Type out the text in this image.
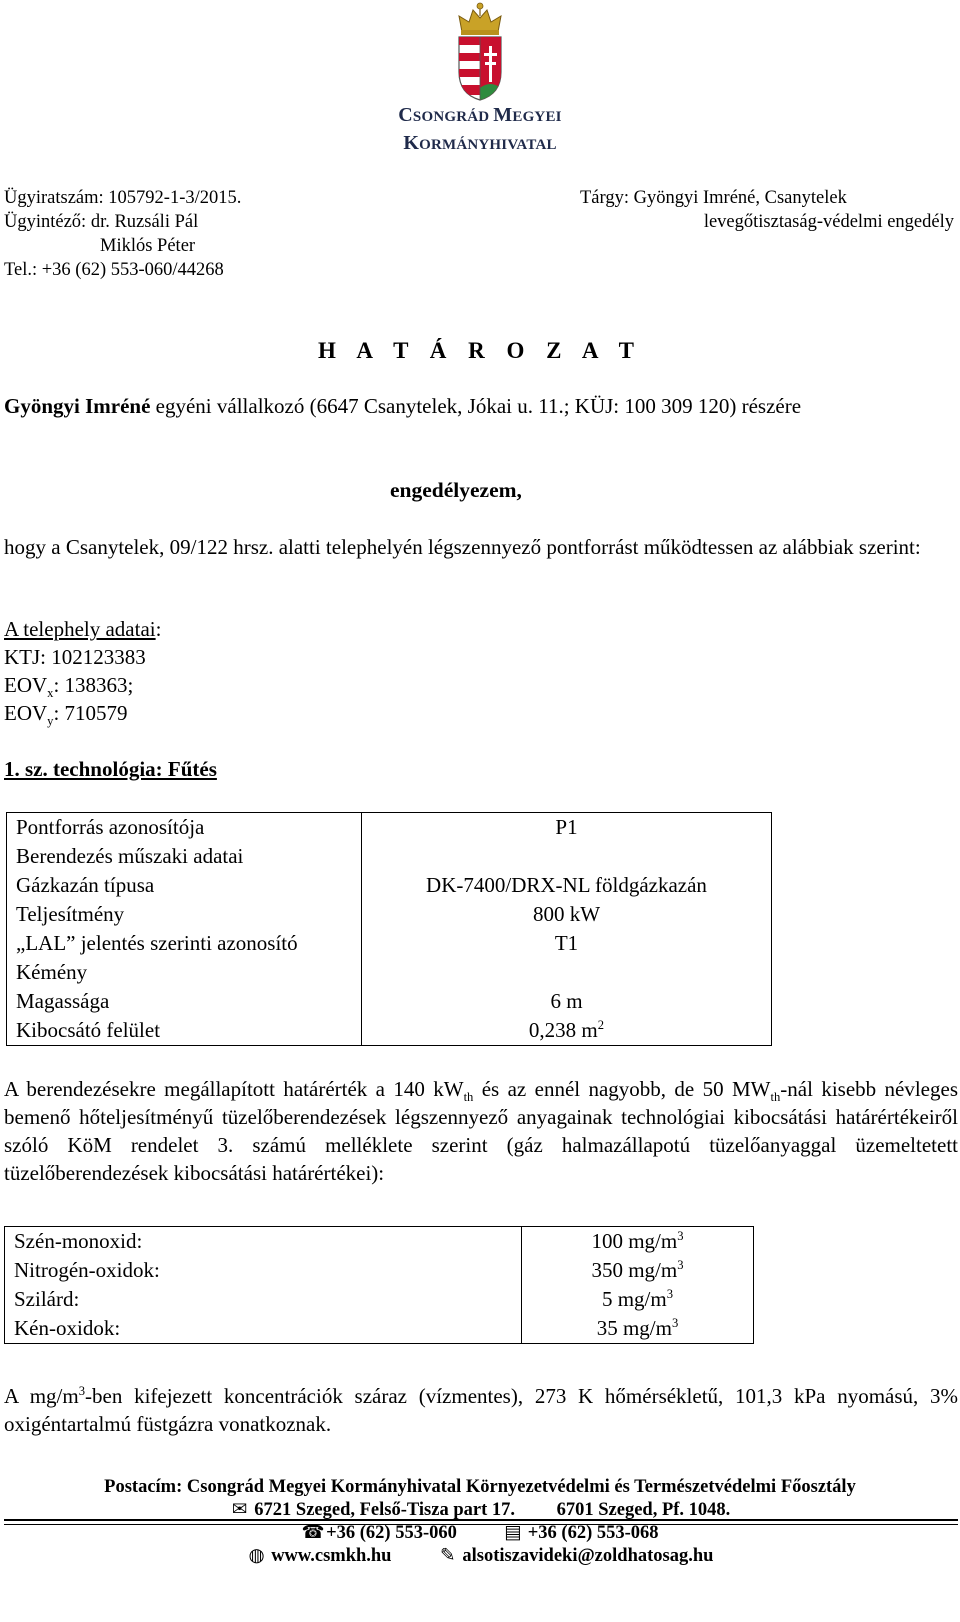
CSONGRÁD MEGYEI
KORMÁNYHIVATAL
Ügyiratszám: 105792-1-3/2015.
Ügyintéző: dr. Ruzsáli Pál
Miklós Péter
Tel.: +36 (62) 553-060/44268
Tárgy: Gyöngyi Imréné, Csanytelek
levegőtisztaság-védelmi engedély
H A T Á R O Z A T
Gyöngyi Imréné egyéni vállalkozó (6647 Csanytelek, Jókai u. 11.; KÜJ: 100 309 120) részére
engedélyezem,
hogy a Csanytelek, 09/122 hrsz. alatti telephelyén légszennyező pontforrást működtessen az alábbiak szerint:
A telephely adatai:
KTJ: 102123383
$EOV_x$: 138363;
$EOV_y$: 710579
1. sz. technológia: Fűtés
Pontforrás azonosítója	P1
Berendezés műszaki adatai	
Gázkazán típusa	DK-7400/DRX-NL földgázkazán
Teljesítmény	800 kW
„LAL” jelentés szerinti azonosító	T1
Kémény	
Magassága	6 m
Kibocsátó felület	0,238 $m^2$
A berendezésekre megállapított határérték a 140 $kW_{th}$ és az ennél nagyobb, de 50 $MW_{th}$-nál kisebb névleges bemenő hőteljesítményű tüzelőberendezések légszennyező anyagainak technológiai kibocsátási határértékeiről szóló KöM rendelet 3. számú melléklete szerint (gáz halmazállapotú tüzelőanyaggal üzemeltetett tüzelőberendezések kibocsátási határértékei):
Szén-monoxid:	100 $mg/m^3$
Nitrogén-oxidok:	350 $mg/m^3$
Szilárd:	5 $mg/m^3$
Kén-oxidok:	35 $mg/m^3$
A $mg/m^3$-ben kifejezett koncentrációk száraz (vízmentes), 273 K hőmérsékletű, 101,3 kPa nyomású, 3% oxigéntartalmú füstgázra vonatkoznak.
Postacím: Csongrád Megyei Kormányhivatal Környezetvédelmi és Természetvédelmi Főosztály
✉ 6721 Szeged, Felső-Tisza part 17. 6701 Szeged, Pf. 1048.
☎ +36 (62) 553-060	▤ +36 (62) 553-068
◍ www.csmkh.hu	✎ alsotiszavideki@zoldhatosag.hu
